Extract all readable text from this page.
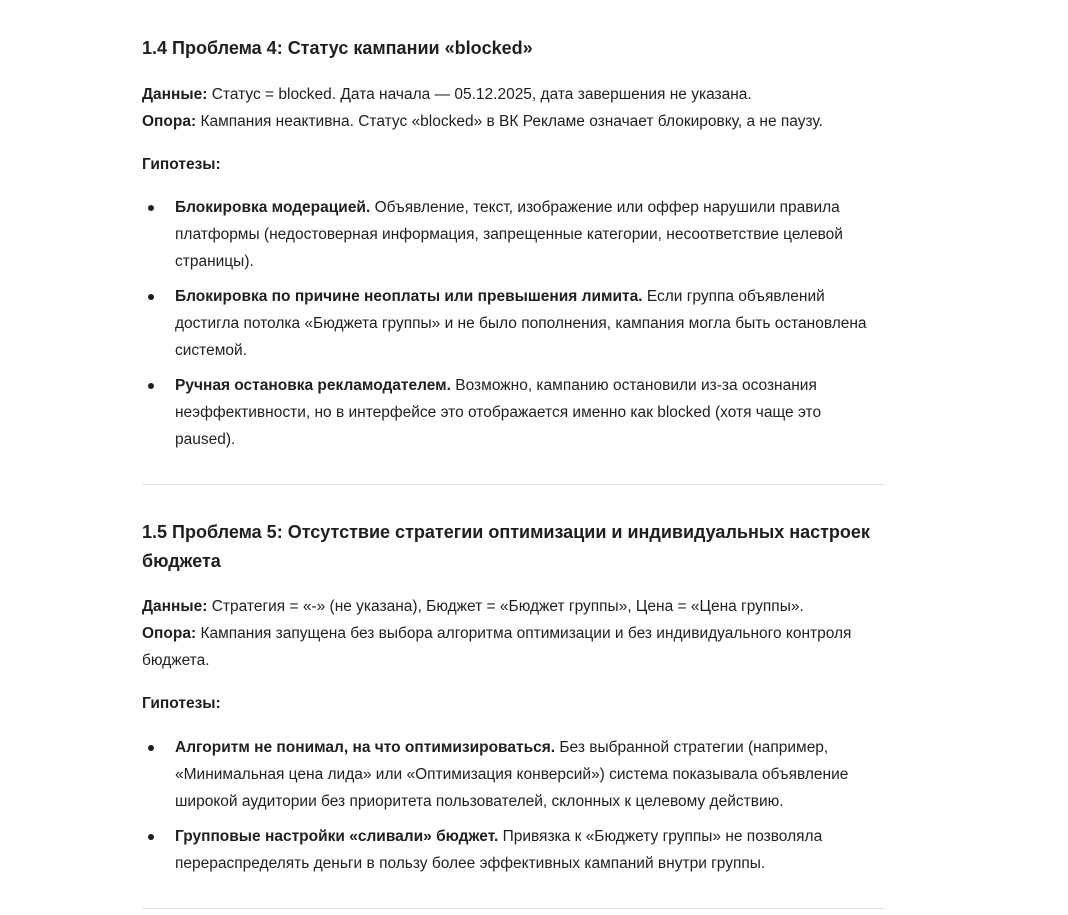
1.4 Проблема 4: Статус кампании «blocked»

Данные: Статус = blocked. Дата начала — 05.12.2025, дата завершения не указана.

Опора: Кампания неактивна. Статус «blocked» в ВК Рекламе означает блокировку, а не паузу.

Гипотезы:

Блокировка модерацией. Объявление, текст, изображение или оффер нарушили правила платформы (недостоверная информация, запрещенные категории, несоответствие целевой страницы).
Блокировка по причине неоплаты или превышения лимита. Если группа объявлений достигла потолка «Бюджета группы» и не было пополнения, кампания могла быть остановлена системой.
Ручная остановка рекламодателем. Возможно, кампанию остановили из-за осознания неэффективности, но в интерфейсе это отображается именно как blocked (хотя чаще это paused).
1.5 Проблема 5: Отсутствие стратегии оптимизации и индивидуальных настроек бюджета

Данные: Стратегия = «-» (не указана), Бюджет = «Бюджет группы», Цена = «Цена группы».

Опора: Кампания запущена без выбора алгоритма оптимизации и без индивидуального контроля бюджета.

Гипотезы:

Алгоритм не понимал, на что оптимизироваться. Без выбранной стратегии (например, «Минимальная цена лида» или «Оптимизация конверсий») система показывала объявление широкой аудитории без приоритета пользователей, склонных к целевому действию.
Групповые настройки «сливали» бюджет. Привязка к «Бюджету группы» не позволяла перераспределять деньги в пользу более эффективных кампаний внутри группы.
